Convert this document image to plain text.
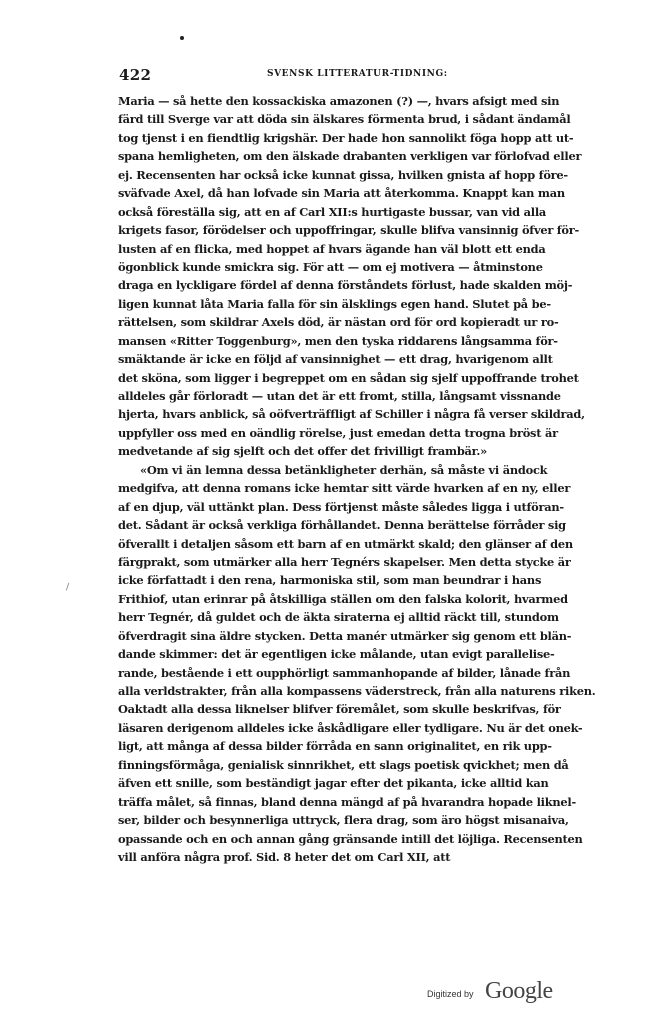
422	SVENSK LITTERATUR-TIDNING:
Maria — så hette den kossackiska amazonen (?) —, hvars afsigt med sin
färd till Sverge var att döda sin älskares förmenta brud, i sådant ändamål
tog tjenst i en fiendtlig krigshär. Der hade hon sannolikt föga hopp att ut-
spana hemligheten, om den älskade drabanten verkligen var förlofvad eller
ej. Recensenten har också icke kunnat gissa, hvilken gnista af hopp före-
sväfvade Axel, då han lofvade sin Maria att återkomma. Knappt kan man
också föreställa sig, att en af Carl XII:s hurtigaste bussar, van vid alla
krigets fasor, förödelser och uppoffringar, skulle blifva vansinnig öfver för-
lusten af en flicka, med hoppet af hvars ägande han väl blott ett enda
ögonblick kunde smickra sig. För att — om ej motivera — åtminstone
draga en lyckligare fördel af denna förståndets förlust, hade skalden möj-
ligen kunnat låta Maria falla för sin älsklings egen hand. Slutet på be-
rättelsen, som skildrar Axels död, är nästan ord för ord kopieradt ur ro-
mansen «Ritter Toggenburg», men den tyska riddarens långsamma för-
smäktande är icke en följd af vansinnighet — ett drag, hvarigenom allt
det sköna, som ligger i begreppet om en sådan sig sjelf uppoffrande trohet
alldeles går förloradt — utan det är ett fromt, stilla, långsamt vissnande
hjerta, hvars anblick, så oöfverträffligt af Schiller i några få verser skildrad,
uppfyller oss med en oändlig rörelse, just emedan detta trogna bröst är
medvetande af sig sjelft och det offer det frivilligt frambär.»
«Om vi än lemna dessa betänkligheter derhän, så måste vi ändock
medgifva, att denna romans icke hemtar sitt värde hvarken af en ny, eller
af en djup, väl uttänkt plan. Dess förtjenst måste således ligga i utföran-
det. Sådant är också verkliga förhållandet. Denna berättelse förråder sig
öfverallt i detaljen såsom ett barn af en utmärkt skald; den glänser af den
färgprakt, som utmärker alla herr Tegnérs skapelser. Men detta stycke är
icke författadt i den rena, harmoniska stil, som man beundrar i hans
Frithiof, utan erinrar på åtskilliga ställen om den falska kolorit, hvarmed
herr Tegnér, då guldet och de äkta siraterna ej alltid räckt till, stundom
öfverdragit sina äldre stycken. Detta manér utmärker sig genom ett blän-
dande skimmer: det är egentligen icke målande, utan evigt parallelise-
rande, bestående i ett oupphörligt sammanhopande af bilder, lånade från
alla verldstrakter, från alla kompassens väderstreck, från alla naturens riken.
Oaktadt alla dessa liknelser blifver föremålet, som skulle beskrifvas, för
läsaren derigenom alldeles icke åskådligare eller tydligare. Nu är det onek-
ligt, att många af dessa bilder förråda en sann originalitet, en rik upp-
finningsförmåga, genialisk sinnrikhet, ett slags poetisk qvickhet; men då
äfven ett snille, som beständigt jagar efter det pikanta, icke alltid kan
träffa målet, så finnas, bland denna mängd af på hvarandra hopade liknel-
ser, bilder och besynnerliga uttryck, flera drag, som äro högst misanaiva,
opassande och en och annan gång gränsande intill det löjliga. Recensenten
vill anföra några prof. Sid. 8 heter det om Carl XII, att
Digitized by Google
